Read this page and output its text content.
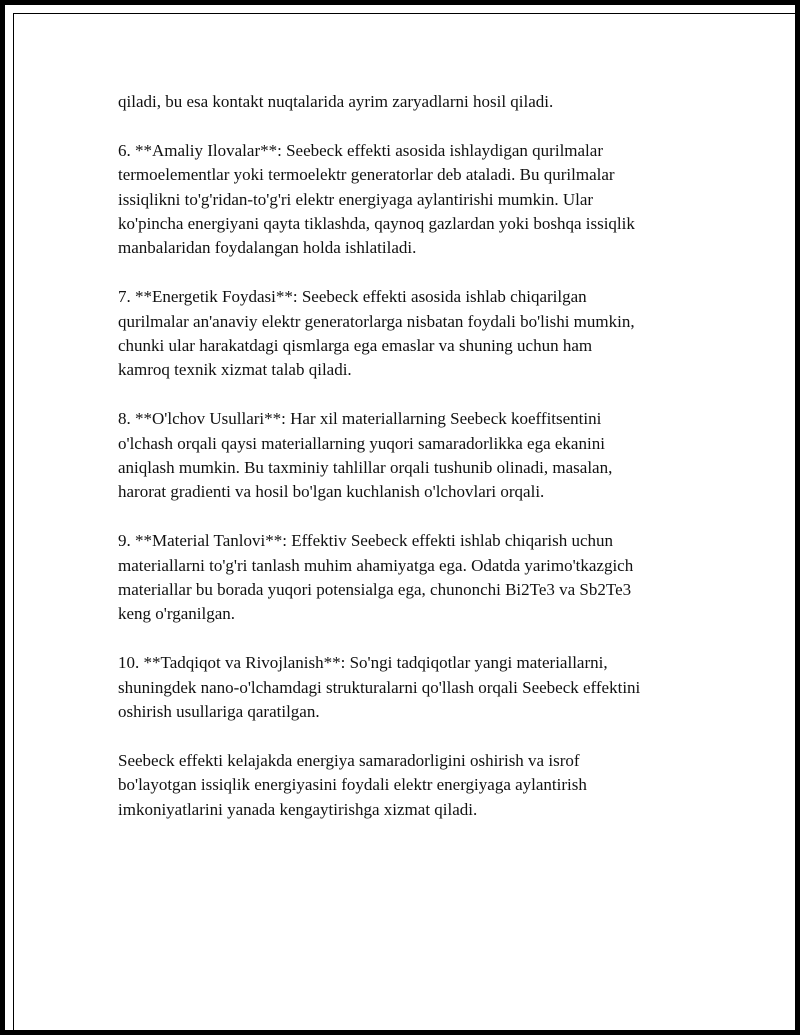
qiladi, bu esa kontakt nuqtalarida ayrim zaryadlarni hosil qiladi.

6. **Amaliy Ilovalar**: Seebeck effekti asosida ishlaydigan qurilmalar
termoelementlar yoki termoelektr generatorlar deb ataladi. Bu qurilmalar
issiqlikni to'g'ridan-to'g'ri elektr energiyaga aylantirishi mumkin. Ular
ko'pincha energiyani qayta tiklashda, qaynoq gazlardan yoki boshqa issiqlik
manbalaridan foydalangan holda ishlatiladi.

7. **Energetik Foydasi**: Seebeck effekti asosida ishlab chiqarilgan
qurilmalar an'anaviy elektr generatorlarga nisbatan foydali bo'lishi mumkin,
chunki ular harakatdagi qismlarga ega emaslar va shuning uchun ham
kamroq texnik xizmat talab qiladi.

8. **O'lchov Usullari**: Har xil materiallarning Seebeck koeffitsentini
o'lchash orqali qaysi materiallarning yuqori samaradorlikka ega ekanini
aniqlash mumkin. Bu taxminiy tahlillar orqali tushunib olinadi, masalan,
harorat gradienti va hosil bo'lgan kuchlanish o'lchovlari orqali.

9. **Material Tanlovi**: Effektiv Seebeck effekti ishlab chiqarish uchun
materiallarni to'g'ri tanlash muhim ahamiyatga ega. Odatda yarimo'tkazgich
materiallar bu borada yuqori potensialga ega, chunonchi Bi2Te3 va Sb2Te3
keng o'rganilgan.

10. **Tadqiqot va Rivojlanish**: So'ngi tadqiqotlar yangi materiallarni,
shuningdek nano-o'lchamdagi strukturalarni qo'llash orqali Seebeck effektini
oshirish usullariga qaratilgan.

Seebeck effekti kelajakda energiya samaradorligini oshirish va isrof
bo'layotgan issiqlik energiyasini foydali elektr energiyaga aylantirish
imkoniyatlarini yanada kengaytirishga xizmat qiladi.
